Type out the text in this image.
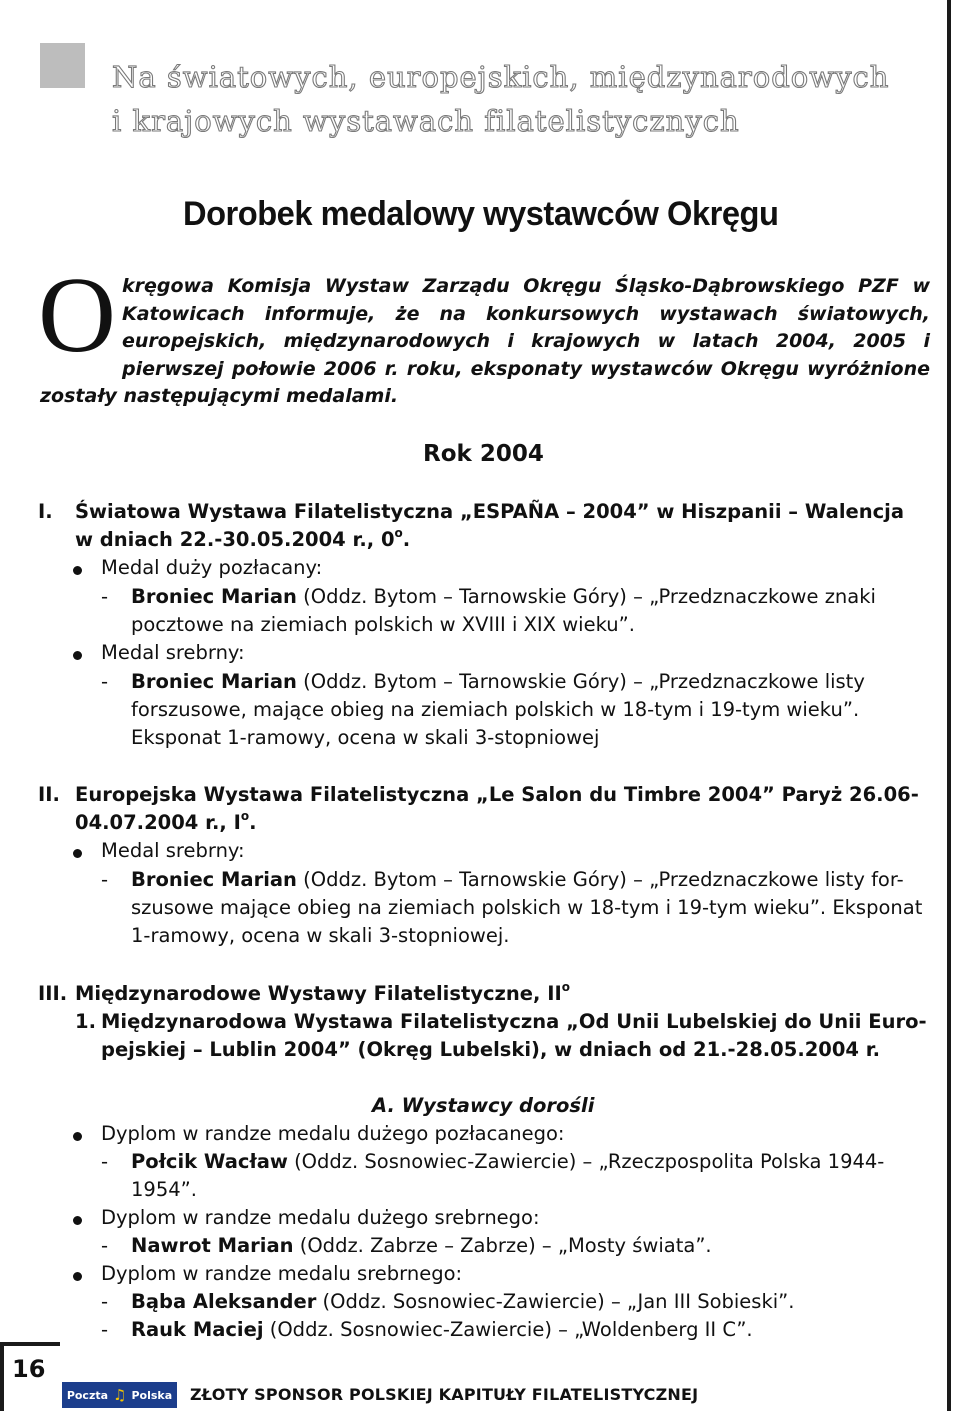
Na światowych, europejskich, międzynarodowych
i krajowych wystawach filatelistycznych
Dorobek medalowy wystawców Okręgu
Okręgowa Komisja Wystaw Zarządu Okręgu Śląsko-Dąbrowskiego PZF w Katowicach informuje, że na konkursowych wystawach światowych, europejskich, międzynarodowych i krajowych w latach 2004, 2005 i pierwszej połowie 2006 r. roku, eksponaty wystawców Okręgu wyróżnione zostały następującymi medalami.
Rok 2004
I. Światowa Wystawa Filatelistyczna „ESPAÑA – 2004” w Hiszpanii – Walencja
w dniach 22.-30.05.2004 r., 0$^o$.
Medal duży pozłacany:
- Broniec Marian (Oddz. Bytom – Tarnowskie Góry) – „Przedznaczkowe znaki
pocztowe na ziemiach polskich w XVIII i XIX wieku”.
Medal srebrny:
- Broniec Marian (Oddz. Bytom – Tarnowskie Góry) – „Przedznaczkowe listy
forszusowe, mające obieg na ziemiach polskich w 18-tym i 19-tym wieku”.
Eksponat 1-ramowy, ocena w skali 3-stopniowej
II. Europejska Wystawa Filatelistyczna „Le Salon du Timbre 2004” Paryż 26.06-
04.07.2004 r., $I^o$.
Medal srebrny:
- Broniec Marian (Oddz. Bytom – Tarnowskie Góry) – „Przedznaczkowe listy for-
szusowe mające obieg na ziemiach polskich w 18-tym i 19-tym wieku”. Eksponat
1-ramowy, ocena w skali 3-stopniowej.
III. Międzynarodowe Wystawy Filatelistyczne, $II^o$
1. Międzynarodowa Wystawa Filatelistyczna „Od Unii Lubelskiej do Unii Euro-
pejskiej – Lublin 2004” (Okręg Lubelski), w dniach od 21.-28.05.2004 r.
A. Wystawcy dorośli
Dyplom w randze medalu dużego pozłacanego:
- Połcik Wacław (Oddz. Sosnowiec-Zawiercie) – „Rzeczpospolita Polska 1944-
1954”.
Dyplom w randze medalu dużego srebrnego:
- Nawrot Marian (Oddz. Zabrze – Zabrze) – „Mosty świata”.
Dyplom w randze medalu srebrnego:
- Bąba Aleksander (Oddz. Sosnowiec-Zawiercie) – „Jan III Sobieski”.
- Rauk Maciej (Oddz. Sosnowiec-Zawiercie) – „Woldenberg II C”.
16
Poczta ♫ Polska ZŁOTY SPONSOR POLSKIEJ KAPITUŁY FILATELISTYCZNEJ
